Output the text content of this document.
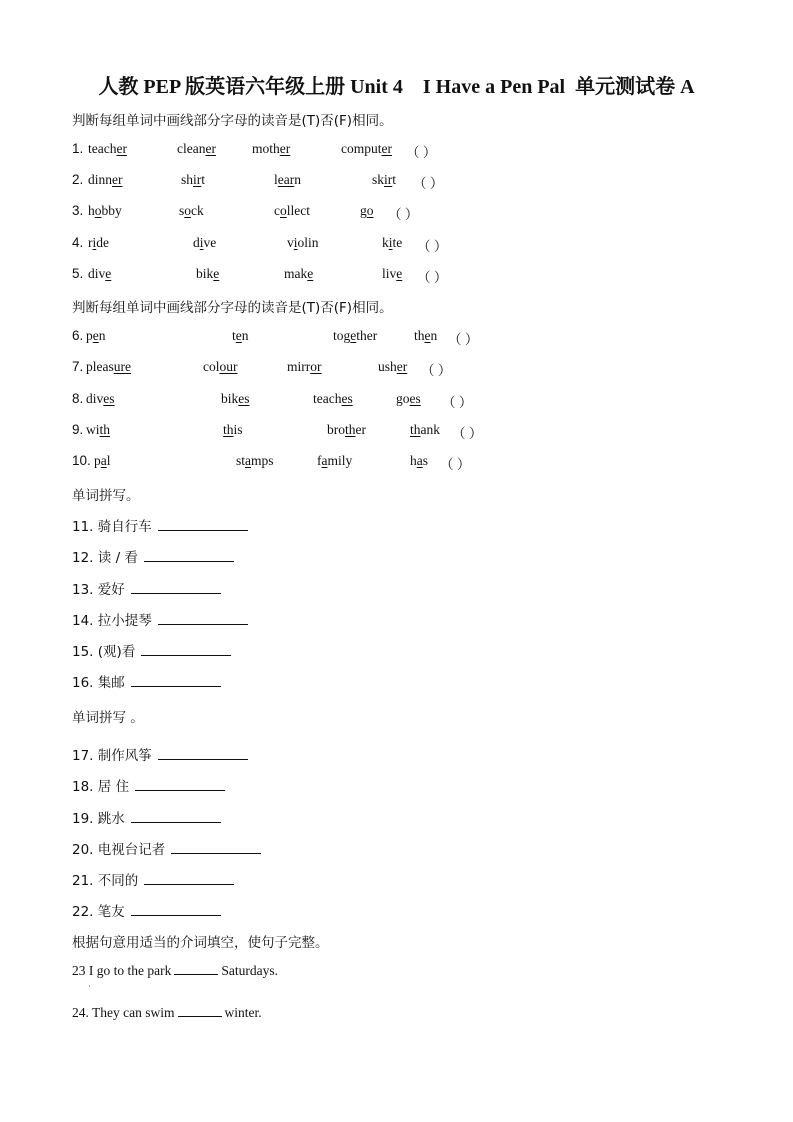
人教 PEP 版英语六年级上册 Unit 4    I Have a Pen Pal  单元测试卷 A
判断每组单词中画线部分字母的读音是(T)否(F)相同。
1. teacher	cleaner	mother	computer （ ）
2. dinner	shirt	learn	skirt （ ）
3. hobby	sock	collect	go （ ）
4. ride	dive	violin	kite （ ）
5. dive	bike	make	live （ ）
判断每组单词中画线部分字母的读音是(T)否(F)相同。
6. pen	ten	together	then （ ）
7. pleasure	colour	mirror	usher （ ）
8. dives	bikes	teaches	goes （ ）
9. with	this	brother	thank （ ）
10. pal	stamps	family	has （ ）
单词拼写。
11. 骑自行车
12. 读 / 看
13. 爱好
14. 拉小提琴
15. (观)看
16. 集邮
单词拼写 。
17. 制作风筝
18. 居 住
19. 跳水
20. 电视台记者
21. 不同的
22. 笔友
根据句意用适当的介词填空，使句子完整。
23 I go to the park	Saturdays.
24. They can swim	winter.
·
